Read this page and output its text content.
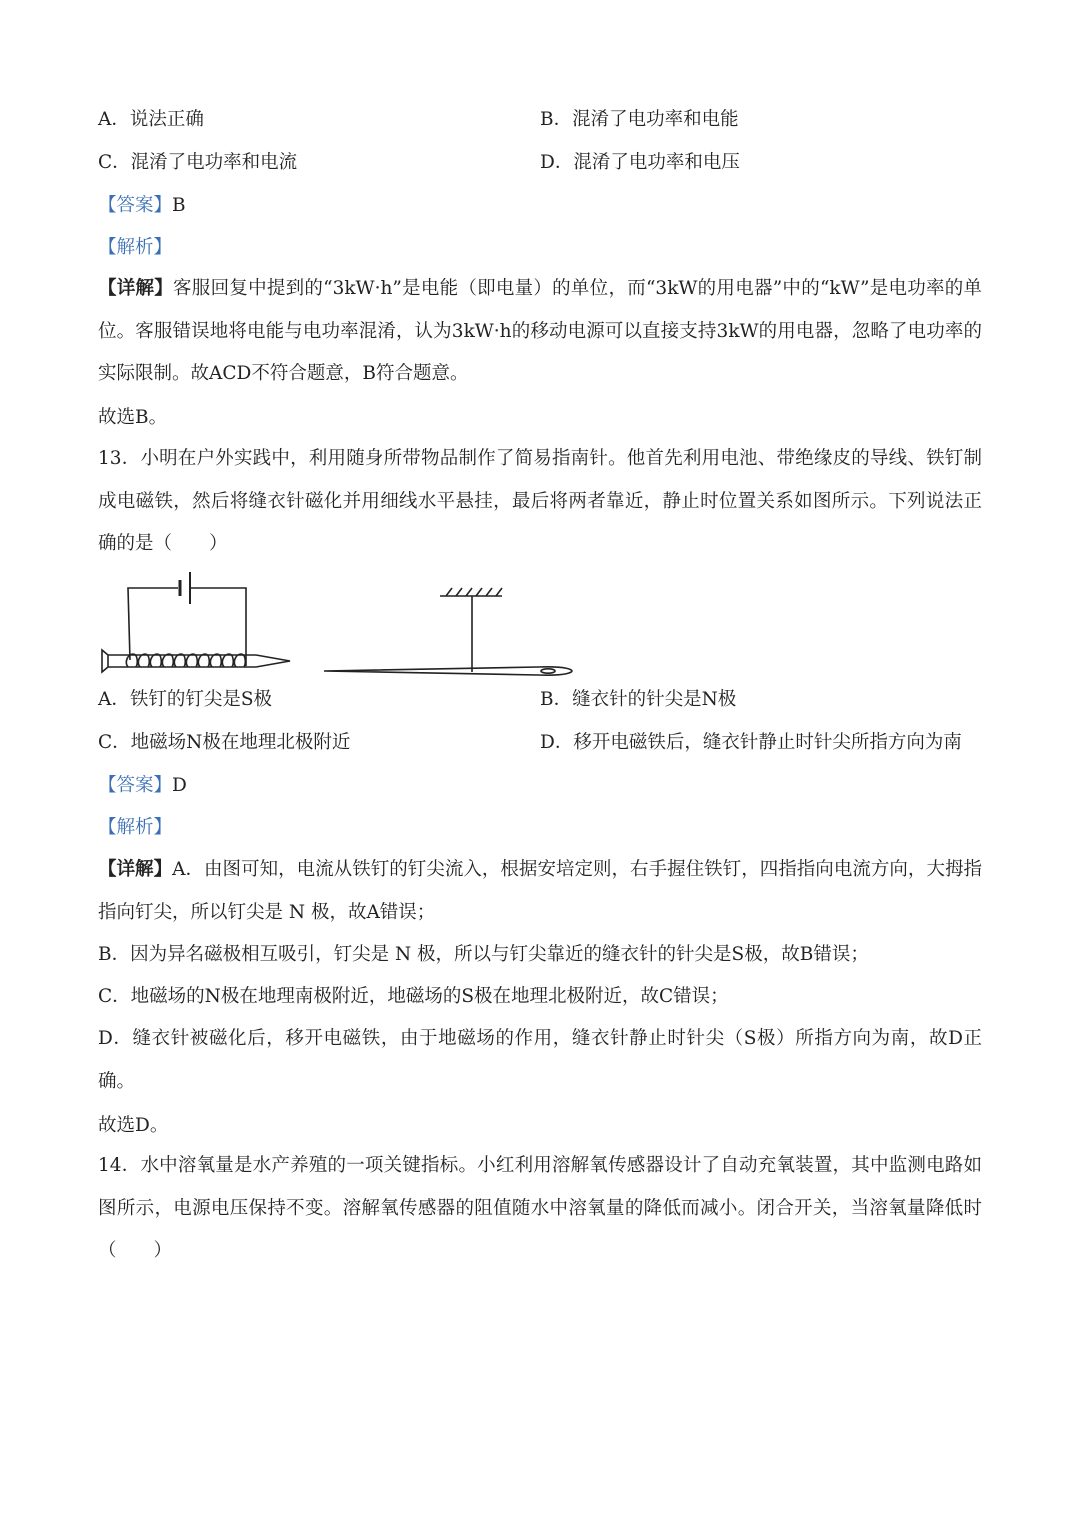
A．说法正确	B．混淆了电功率和电能
C．混淆了电功率和电流	D．混淆了电功率和电压
【答案】B
【解析】
【详解】客服回复中提到的“3kW·h”是电能（即电量）的单位，而“3kW的用电器”中的“kW”是电功率的单位。客服错误地将电能与电功率混淆，认为3kW·h的移动电源可以直接支持3kW的用电器，忽略了电功率的实际限制。故ACD不符合题意，B符合题意。
故选B。
13．小明在户外实践中，利用随身所带物品制作了简易指南针。他首先利用电池、带绝缘皮的导线、铁钉制成电磁铁，然后将缝衣针磁化并用细线水平悬挂，最后将两者靠近，静止时位置关系如图所示。下列说法正确的是（　　）
A．铁钉的钉尖是S极	B．缝衣针的针尖是N极
C．地磁场N极在地理北极附近	D．移开电磁铁后，缝衣针静止时针尖所指方向为南
【答案】D
【解析】
【详解】A．由图可知，电流从铁钉的钉尖流入，根据安培定则，右手握住铁钉，四指指向电流方向，大拇指指向钉尖，所以钉尖是 N 极，故A错误；
B．因为异名磁极相互吸引，钉尖是 N 极，所以与钉尖靠近的缝衣针的针尖是S极，故B错误；
C．地磁场的N极在地理南极附近，地磁场的S极在地理北极附近，故C错误；
D．缝衣针被磁化后，移开电磁铁，由于地磁场的作用，缝衣针静止时针尖（S极）所指方向为南，故D正确。
故选D。
14．水中溶氧量是水产养殖的一项关键指标。小红利用溶解氧传感器设计了自动充氧装置，其中监测电路如图所示，电源电压保持不变。溶解氧传感器的阻值随水中溶氧量的降低而减小。闭合开关，当溶氧量降低时（　　）
